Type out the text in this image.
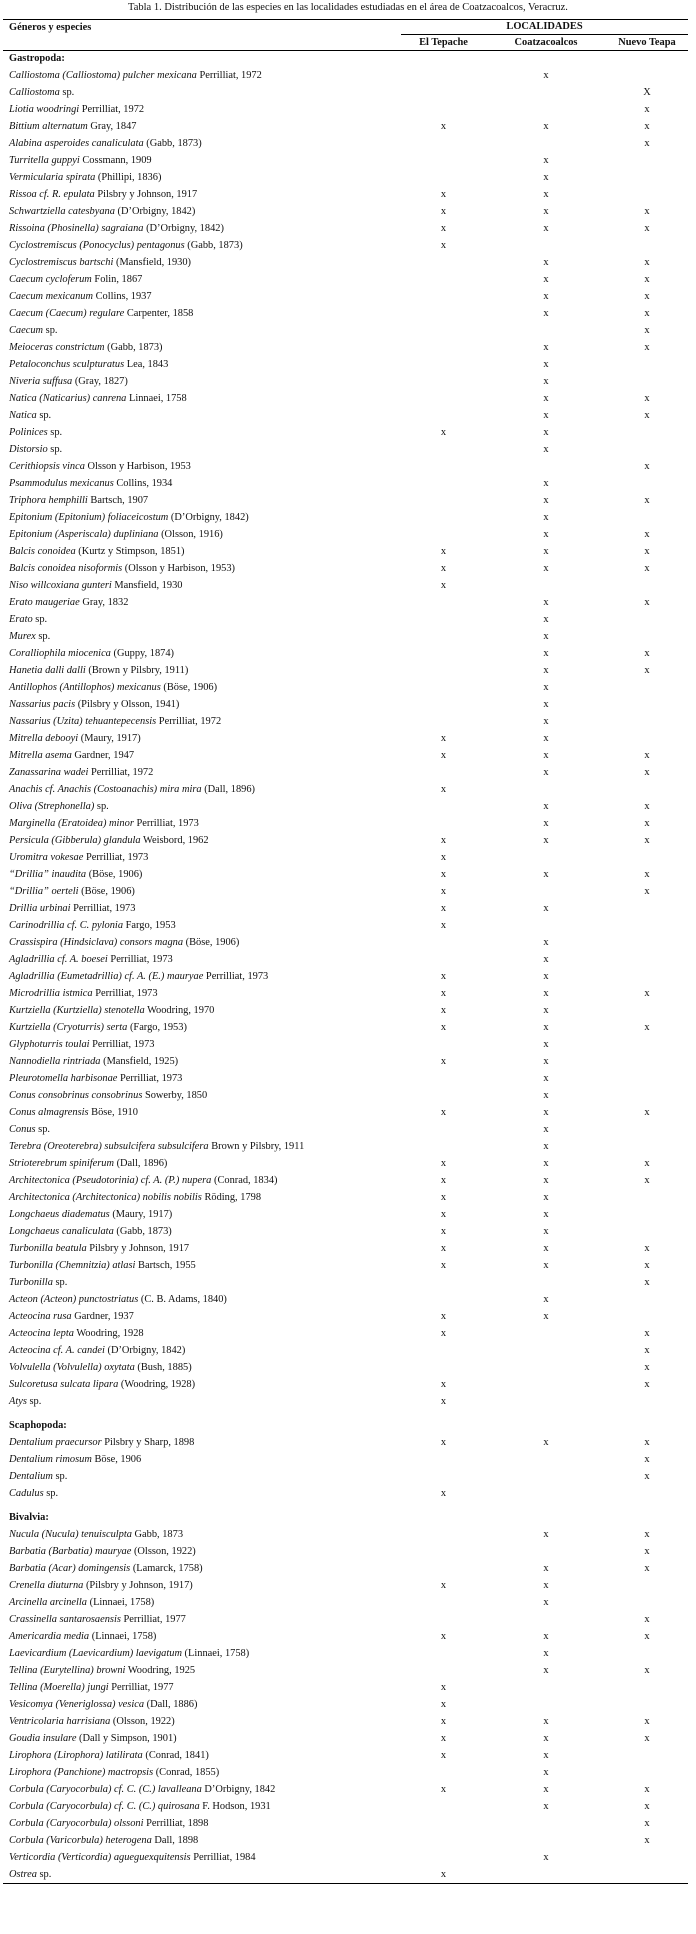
Tabla 1. Distribución de las especies en las localidades estudiadas en el área de Coatzacoalcos, Veracruz.
Géneros y especies	LOCALIDADES		
	El Tepache	Coatzacoalcos	Nuevo Teapa
Gastropoda:			
Calliostoma (Calliostoma) pulcher mexicana Perrilliat, 1972		x	
Calliostoma sp.			X
Liotia woodringi Perrilliat, 1972			x
Bittium alternatum Gray, 1847	x	x	x
Alabina asperoides canaliculata (Gabb, 1873)			x
Turritella guppyi Cossmann, 1909		x	
Vermicularia spirata (Phillipi, 1836)		x	
Rissoa cf. R. epulata Pilsbry y Johnson, 1917	x	x	
Schwartziella catesbyana (D’Orbigny, 1842)	x	x	x
Rissoina (Phosinella) sagraiana (D’Orbigny, 1842)	x	x	x
Cyclostremiscus (Ponocyclus) pentagonus (Gabb, 1873)	x		
Cyclostremiscus bartschi (Mansfield, 1930)		x	x
Caecum cycloferum Folin, 1867		x	x
Caecum mexicanum Collins, 1937		x	x
Caecum (Caecum) regulare Carpenter, 1858		x	x
Caecum sp.			x
Meioceras constrictum (Gabb, 1873)		x	x
Petaloconchus sculpturatus Lea, 1843		x	
Niveria suffusa (Gray, 1827)		x	
Natica (Naticarius) canrena Linnaei, 1758		x	x
Natica sp.		x	x
Polinices sp.	x	x	
Distorsio sp.		x	
Cerithiopsis vinca Olsson y Harbison, 1953			x
Psammodulus mexicanus Collins, 1934		x	
Triphora hemphilli Bartsch, 1907		x	x
Epitonium (Epitonium) foliaceicostum (D’Orbigny, 1842)		x	
Epitonium (Asperiscala) dupliniana (Olsson, 1916)		x	x
Balcis conoidea (Kurtz y Stimpson, 1851)	x	x	x
Balcis conoidea nisoformis (Olsson y Harbison, 1953)	x	x	x
Niso willcoxiana gunteri Mansfield, 1930	x		
Erato maugeriae Gray, 1832		x	x
Erato sp.		x	
Murex sp.		x	
Coralliophila miocenica (Guppy, 1874)		x	x
Hanetia dalli dalli (Brown y Pilsbry, 1911)		x	x
Antillophos (Antillophos) mexicanus (Böse, 1906)		x	
Nassarius pacis (Pilsbry y Olsson, 1941)		x	
Nassarius (Uzita) tehuantepecensis Perrilliat, 1972		x	
Mitrella debooyi (Maury, 1917)	x	x	
Mitrella asema Gardner, 1947	x	x	x
Zanassarina wadei Perrilliat, 1972		x	x
Anachis cf. Anachis (Costoanachis) mira mira (Dall, 1896)	x		
Oliva (Strephonella) sp.		x	x
Marginella (Eratoidea) minor Perrilliat, 1973		x	x
Persicula (Gibberula) glandula Weisbord, 1962	x	x	x
Uromitra vokesae Perrilliat, 1973	x		
“Drillia” inaudita (Böse, 1906)	x	x	x
“Drillia” oerteli (Böse, 1906)	x		x
Drillia urbinai Perrilliat, 1973	x	x	
Carinodrillia cf. C. pylonia Fargo, 1953	x		
Crassispira (Hindsiclava) consors magna (Böse, 1906)		x	
Agladrillia cf. A. boesei Perrilliat, 1973		x	
Agladrillia (Eumetadrillia) cf. A. (E.) mauryae Perrilliat, 1973	x	x	
Microdrillia istmica Perrilliat, 1973	x	x	x
Kurtziella (Kurtziella) stenotella Woodring, 1970	x	x	
Kurtziella (Cryoturris) serta (Fargo, 1953)	x	x	x
Glyphoturris toulai Perrilliat, 1973		x	
Nannodiella rintriada (Mansfield, 1925)	x	x	
Pleurotomella harbisonae Perrilliat, 1973		x	
Conus consobrinus consobrinus Sowerby, 1850		x	
Conus almagrensis Böse, 1910	x	x	x
Conus sp.		x	
Terebra (Oreoterebra) subsulcifera subsulcifera Brown y Pilsbry, 1911		x	
Strioterebrum spiniferum (Dall, 1896)	x	x	x
Architectonica (Pseudotorinia) cf. A. (P.) nupera (Conrad, 1834)	x	x	x
Architectonica (Architectonica) nobilis nobilis Röding, 1798	x	x	
Longchaeus diadematus (Maury, 1917)	x	x	
Longchaeus canaliculata (Gabb, 1873)	x	x	
Turbonilla beatula Pilsbry y Johnson, 1917	x	x	x
Turbonilla (Chemnitzia) atlasi Bartsch, 1955	x	x	x
Turbonilla sp.			x
Acteon (Acteon) punctostriatus (C. B. Adams, 1840)		x	
Acteocina rusa Gardner, 1937	x	x	
Acteocina lepta Woodring, 1928	x		x
Acteocina cf. A. candei (D’Orbigny, 1842)			x
Volvulella (Volvulella) oxytata (Bush, 1885)			x
Sulcoretusa sulcata lipara (Woodring, 1928)	x		x
Atys sp.	x		

Scaphopoda:			
Dentalium praecursor Pilsbry y Sharp, 1898	x	x	x
Dentalium rimosum Böse, 1906			x
Dentalium sp.			x
Cadulus sp.	x		

Bivalvia:			
Nucula (Nucula) tenuisculpta Gabb, 1873		x	x
Barbatia (Barbatia) mauryae (Olsson, 1922)			x
Barbatia (Acar) domingensis (Lamarck, 1758)		x	x
Crenella diuturna (Pilsbry y Johnson, 1917)	x	x	
Arcinella arcinella (Linnaei, 1758)		x	
Crassinella santarosaensis Perrilliat, 1977			x
Americardia media (Linnaei, 1758)	x	x	x
Laevicardium (Laevicardium) laevigatum (Linnaei, 1758)		x	
Tellina (Eurytellina) browni Woodring, 1925		x	x
Tellina (Moerella) jungi Perrilliat, 1977	x		
Vesicomya (Veneriglossa) vesica (Dall, 1886)	x		
Ventricolaria harrisiana (Olsson, 1922)	x	x	x
Goudia insulare (Dall y Simpson, 1901)	x	x	x
Lirophora (Lirophora) latilirata (Conrad, 1841)	x	x	
Lirophora (Panchione) mactropsis (Conrad, 1855)		x	
Corbula (Caryocorbula) cf. C. (C.) lavalleana D’Orbigny, 1842	x	x	x
Corbula (Caryocorbula) cf. C. (C.) quirosana F. Hodson, 1931		x	x
Corbula (Caryocorbula) olssoni Perrilliat, 1898			x
Corbula (Varicorbula) heterogena Dall, 1898			x
Verticordia (Verticordia) agueguexquitensis Perrilliat, 1984		x	
Ostrea sp.	x		
